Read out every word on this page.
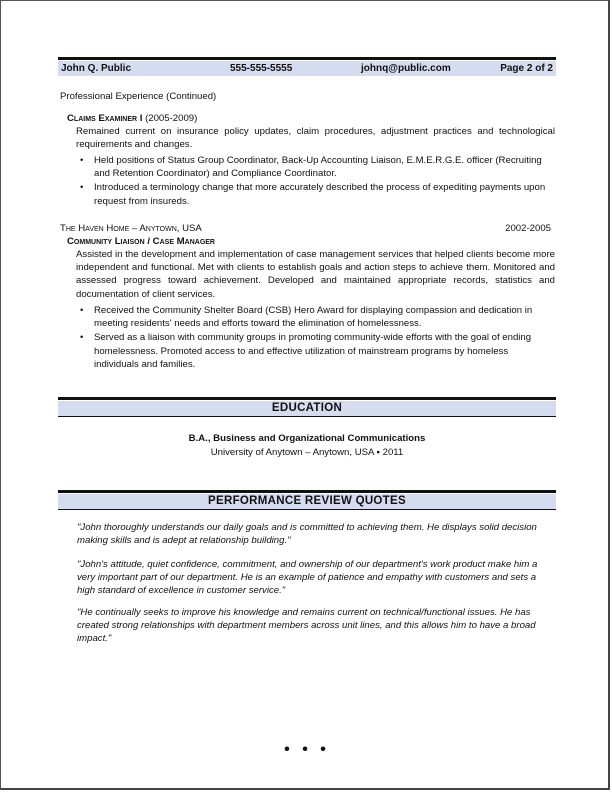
John Q. Public	555-555-5555	johnq@public.com	Page 2 of 2
Professional Experience (Continued)
Claims Examiner I (2005-2009)
Remained current on insurance policy updates, claim procedures, adjustment practices and technological requirements and changes.
• Held positions of Status Group Coordinator, Back-Up Accounting Liaison, E.M.E.R.G.E. officer (Recruiting and Retention Coordinator) and Compliance Coordinator.
• Introduced a terminology change that more accurately described the process of expediting payments upon request from insureds.
The Haven Home – Anytown, USA	2002-2005
Community Liaison / Case Manager
Assisted in the development and implementation of case management services that helped clients become more independent and functional. Met with clients to establish goals and action steps to achieve them. Monitored and assessed progress toward achievement. Developed and maintained appropriate records, statistics and documentation of client services.
• Received the Community Shelter Board (CSB) Hero Award for displaying compassion and dedication in meeting residents' needs and efforts toward the elimination of homelessness.
• Served as a liaison with community groups in promoting community-wide efforts with the goal of ending homelessness. Promoted access to and effective utilization of mainstream programs by homeless individuals and families.
EDUCATION
B.A., Business and Organizational Communications
University of Anytown – Anytown, USA ▪ 2011
PERFORMANCE REVIEW QUOTES
"John thoroughly understands our daily goals and is committed to achieving them. He displays solid decision making skills and is adept at relationship building."
"John's attitude, quiet confidence, commitment, and ownership of our department's work product make him a very important part of our department. He is an example of patience and empathy with customers and sets a high standard of excellence in customer service."
"He continually seeks to improve his knowledge and remains current on technical/functional issues. He has created strong relationships with department members across unit lines, and this allows him to have a broad impact."
• • •
